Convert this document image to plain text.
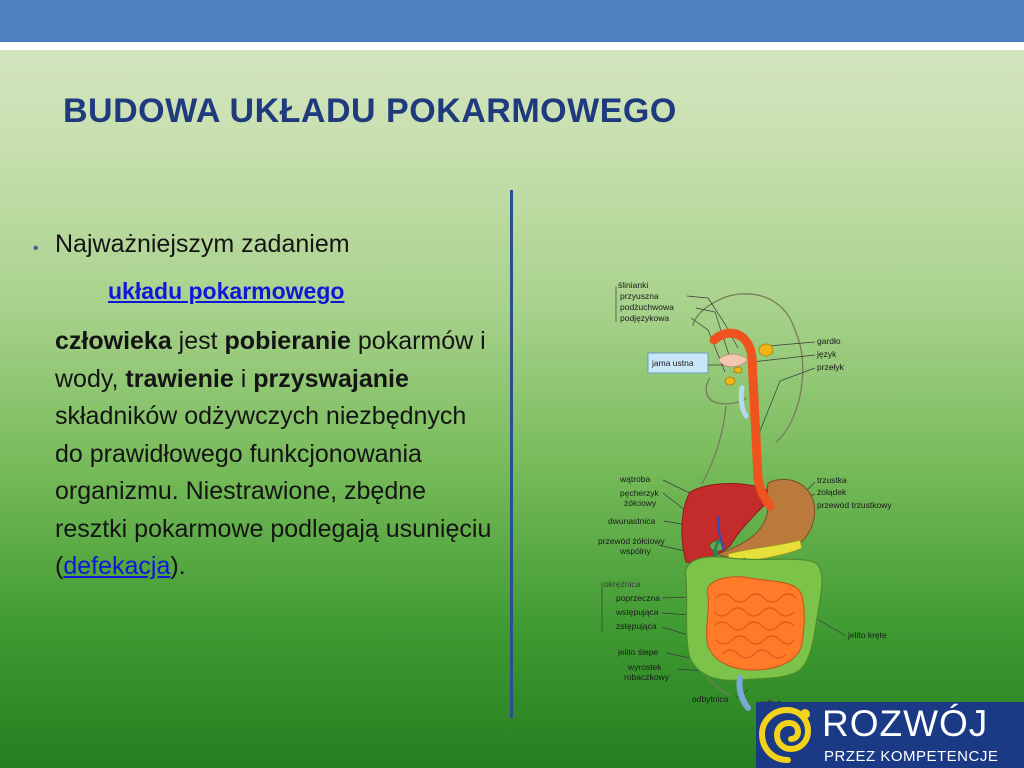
BUDOWA UKŁADU POKARMOWEGO
• Najważniejszym zadaniem
układu pokarmowego

człowieka jest pobieranie pokarmów i wody, trawienie i przyswajanie składników odżywczych niezbędnych do prawidłowego funkcjonowania organizmu. Niestrawione, zbędne resztki pokarmowe podlegają usunięciu (defekacja).

ślinianki
przyuszna
podżuchwowa
podjęzykowa
jama ustna
gardło
język
przełyk
wątroba
pęcherzyk
żółciowy
dwunastnica
przewód żółciowy
wspólny
trzustka
żołądek
przewód trzustkowy
okrężnica
poprzeczna
wstępująca
zstępująca
jelito kręte
jelito ślepe
wyrostek
robaczkowy
odbytnica
ROZWÓJ
PRZEZ KOMPETENCJE
